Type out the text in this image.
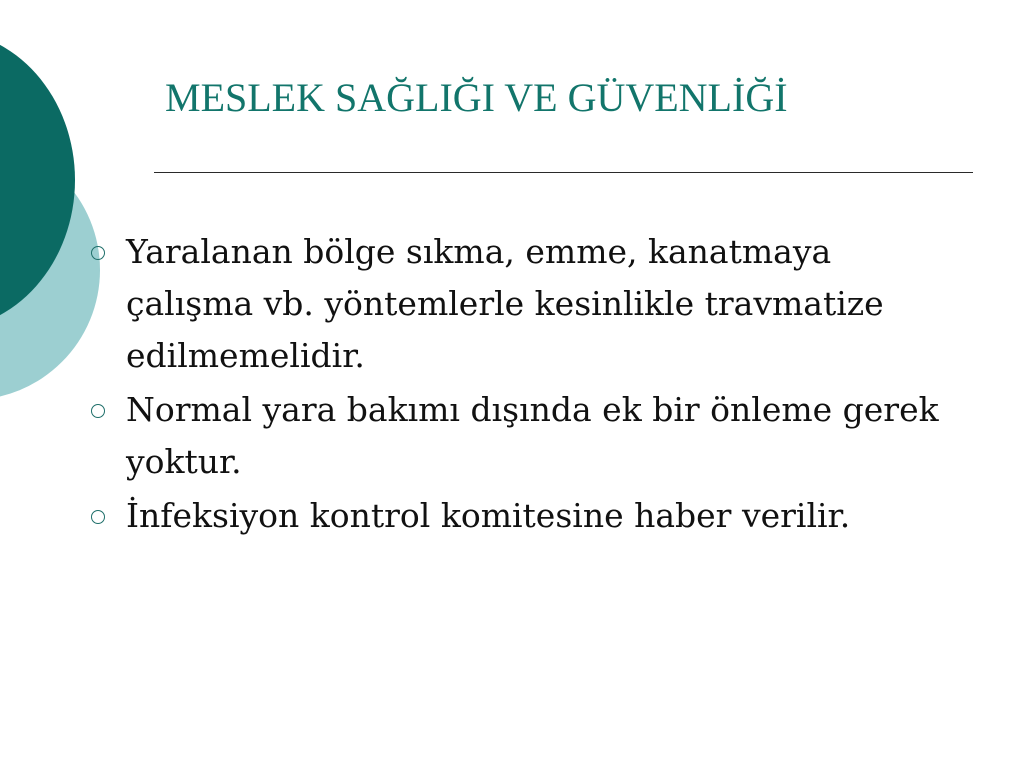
MESLEK SAĞLIĞI VE GÜVENLİĞİ
Yaralanan bölge sıkma, emme, kanatmaya çalışma vb. yöntemlerle kesinlikle travmatize edilmemelidir.
Normal yara bakımı dışında ek bir önleme gerek yoktur.
İnfeksiyon kontrol komitesine haber verilir.
